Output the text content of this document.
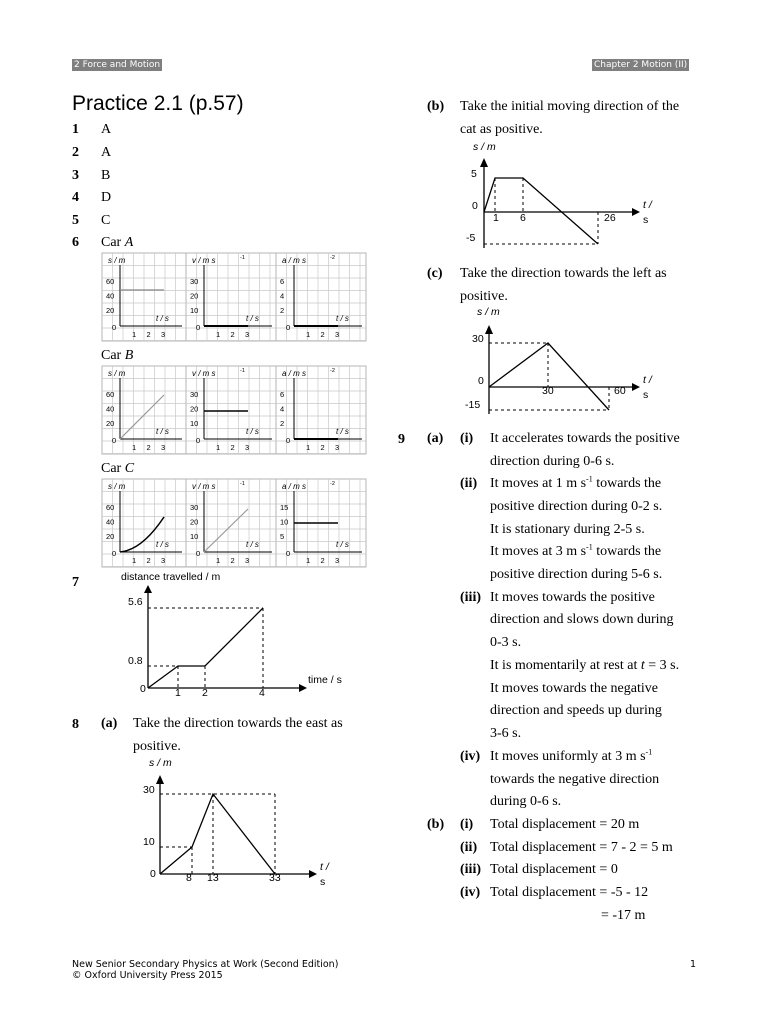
2 Force and Motion	Chapter 2 Motion (II)
Practice 2.1 (p.57)
1 A
2 A
3 B
4 D
5 C
6 Car A
Car B
Car C
s / m
t / s
60
40
20
0
1 2 3
v / m s	-1
t / s
30
20
10
0
1 2 3
a / m s	-2
t / s
6
4
2
0
1 2 3
s / m
t / s
60
40
20
0
1 2 3
v / m s	-1
t / s
30
20
10
0
1 2 3
a / m s	-2
t / s
6
4
2
0
1 2 3
s / m
t / s
60
40
20
0
1 2 3
v / m s	-1
t / s
30
20
10
0
1 2 3
a / m s	-2
t / s
15
10
5
0
1 2 3
7	distance travelled / m
time / s
5.6
0.8
0	1 2	4
8 (a) Take the direction towards the east as
positive.
s / m
t /
s
30
10
0	8 13	33
(b) Take the initial moving direction of the
cat as positive.
s / m
t /
s
5
0
-5
1 6	26
(c) Take the direction towards the left as
positive.
s / m
t /
s
30
0
-15
30	60
9 (a) (i) It accelerates towards the positive
direction during 0-6 s.
(ii) It moves at 1 m $s^{-1}$ towards the
positive direction during 0-2 s.
It is stationary during 2-5 s.
It moves at 3 m $s^{-1}$ towards the
positive direction during 5-6 s.
(iii) It moves towards the positive
direction and slows down during
0-3 s.
It is momentarily at rest at t = 3 s.
It moves towards the negative
direction and speeds up during
3-6 s.
(iv) It moves uniformly at 3 m $s^{-1}$
towards the negative direction
during 0-6 s.
(b) (i) Total displacement = 20 m
(ii) Total displacement = 7 - 2 = 5 m
(iii) Total displacement = 0
(iv) Total displacement = -5 - 12
= -17 m
New Senior Secondary Physics at Work (Second Edition)
© Oxford University Press 2015
1
